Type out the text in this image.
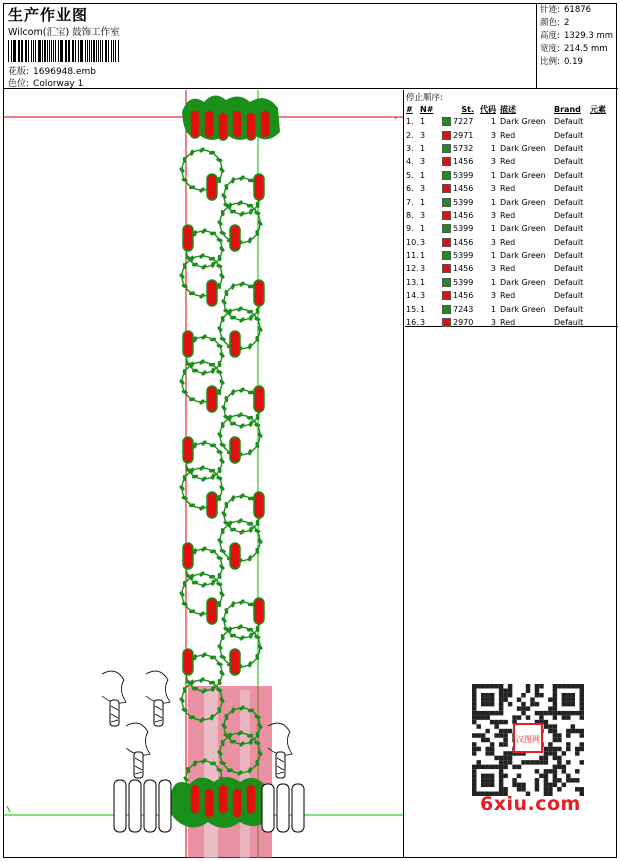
生产作业图
Wilcom(汇宝) 鼓饰工作室
花版: 1696948.emb
色位: Colorway 1
针迹: 61876
颜色: 2
高度: 1329.3 mm
宽度: 214.5 mm
比例: 0.19
‹
停止顺序:
#	N#	St.	代码	描述	Brand	元素
1.	1	7227	1	Dark Green	Default	
2.	3	2971	3	Red	Default	
3.	1	5732	1	Dark Green	Default	
4.	3	1456	3	Red	Default	
5.	1	5399	1	Dark Green	Default	
6.	3	1456	3	Red	Default	
7.	1	5399	1	Dark Green	Default	
8.	3	1456	3	Red	Default	
9.	1	5399	1	Dark Green	Default	
10.	3	1456	3	Red	Default	
11.	1	5399	1	Dark Green	Default	
12.	3	1456	3	Red	Default	
13.	1	5399	1	Dark Green	Default	
14.	3	1456	3	Red	Default	
15.	1	7243	1	Dark Green	Default	
16.	3	2970	3	Red	Default	
汉图网
6xiu.com
